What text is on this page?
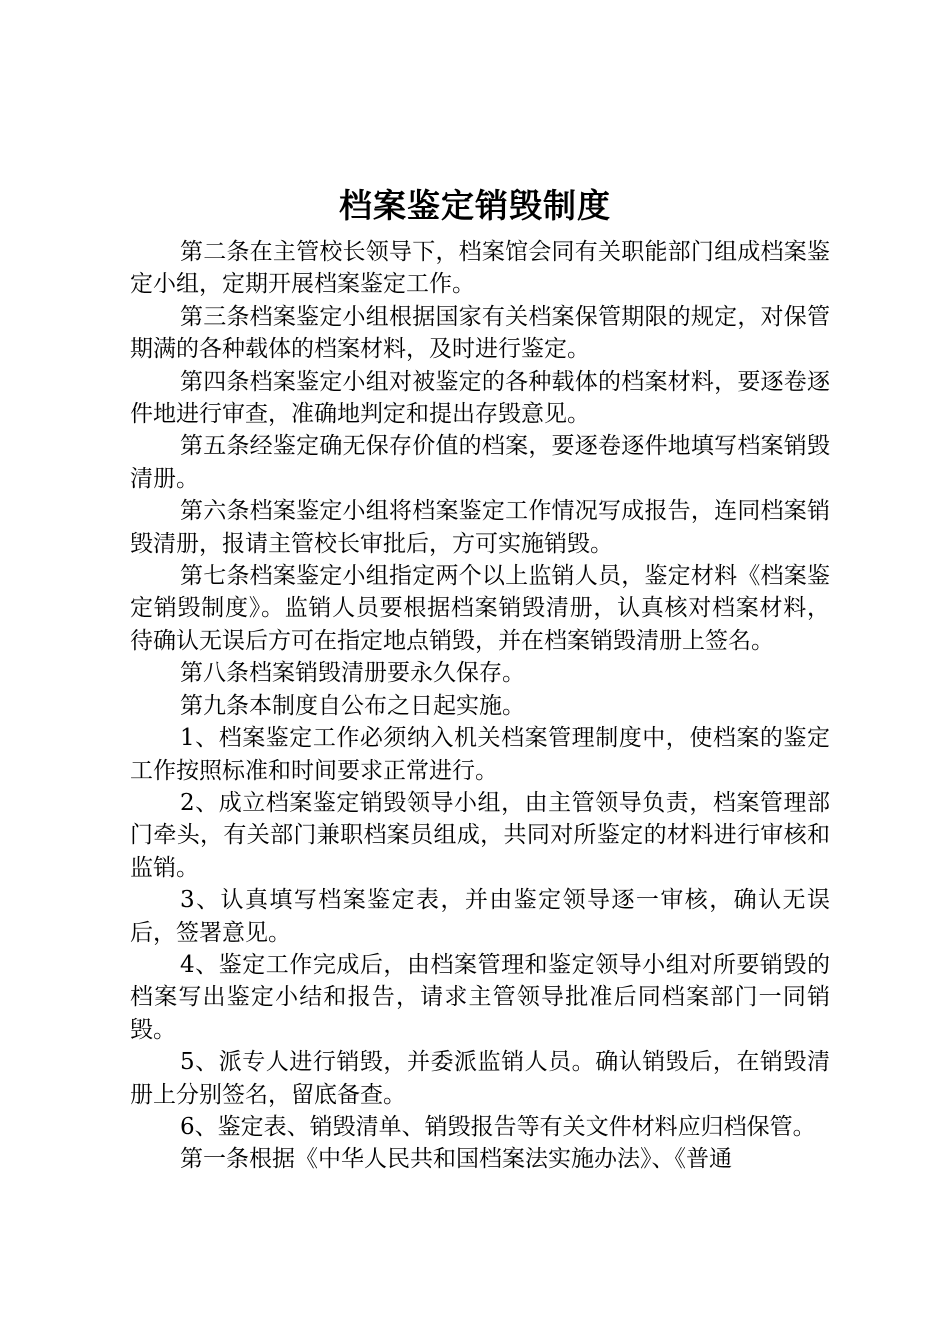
档案鉴定销毁制度

第二条在主管校长领导下，档案馆会同有关职能部门组成档案鉴定小组，定期开展档案鉴定工作。

第三条档案鉴定小组根据国家有关档案保管期限的规定，对保管期满的各种载体的档案材料，及时进行鉴定。

第四条档案鉴定小组对被鉴定的各种载体的档案材料，要逐卷逐件地进行审查，准确地判定和提出存毁意见。

第五条经鉴定确无保存价值的档案，要逐卷逐件地填写档案销毁清册。

第六条档案鉴定小组将档案鉴定工作情况写成报告，连同档案销毁清册，报请主管校长审批后，方可实施销毁。

第七条档案鉴定小组指定两个以上监销人员，鉴定材料《档案鉴定销毁制度》。监销人员要根据档案销毁清册，认真核对档案材料，待确认无误后方可在指定地点销毁，并在档案销毁清册上签名。

第八条档案销毁清册要永久保存。

第九条本制度自公布之日起实施。

1、档案鉴定工作必须纳入机关档案管理制度中，使档案的鉴定工作按照标准和时间要求正常进行。

2、成立档案鉴定销毁领导小组，由主管领导负责，档案管理部门牵头，有关部门兼职档案员组成，共同对所鉴定的材料进行审核和监销。

3、认真填写档案鉴定表，并由鉴定领导逐一审核，确认无误后，签署意见。

4、鉴定工作完成后，由档案管理和鉴定领导小组对所要销毁的档案写出鉴定小结和报告，请求主管领导批准后同档案部门一同销毁。

5、派专人进行销毁，并委派监销人员。确认销毁后，在销毁清册上分别签名，留底备查。

6、鉴定表、销毁清单、销毁报告等有关文件材料应归档保管。

第一条根据《中华人民共和国档案法实施办法》、《普通
